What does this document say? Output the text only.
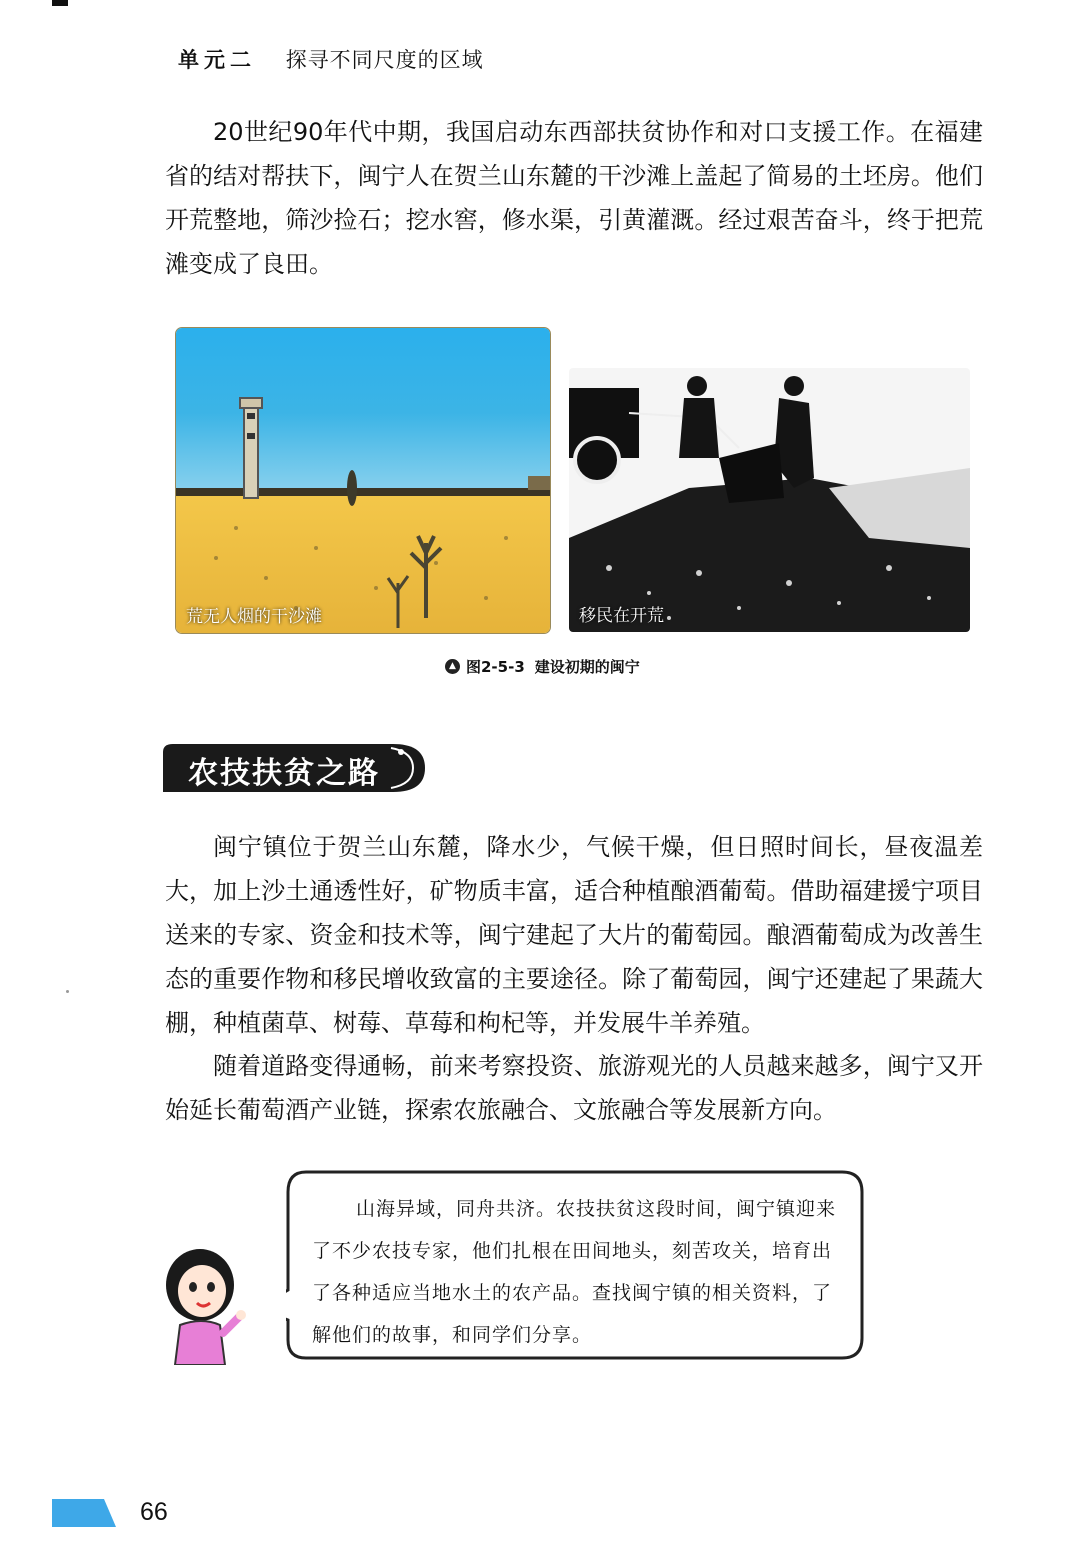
单元二 探寻不同尺度的区域

20世纪90年代中期，我国启动东西部扶贫协作和对口支援工作。在福建省的结对帮扶下，闽宁人在贺兰山东麓的干沙滩上盖起了简易的土坯房。他们开荒整地，筛沙捡石；挖水窖，修水渠，引黄灌溉。经过艰苦奋斗，终于把荒滩变成了良田。

荒无人烟的干沙滩	移民在开荒
▲ 图2-5-3 建设初期的闽宁
农技扶贫之路

闽宁镇位于贺兰山东麓，降水少，气候干燥，但日照时间长，昼夜温差大，加上沙土通透性好，矿物质丰富，适合种植酿酒葡萄。借助福建援宁项目送来的专家、资金和技术等，闽宁建起了大片的葡萄园。酿酒葡萄成为改善生态的重要作物和移民增收致富的主要途径。除了葡萄园，闽宁还建起了果蔬大棚，种植菌草、树莓、草莓和枸杞等，并发展牛羊养殖。

随着道路变得通畅，前来考察投资、旅游观光的人员越来越多，闽宁又开始延长葡萄酒产业链，探索农旅融合、文旅融合等发展新方向。

山海异域，同舟共济。农技扶贫这段时间，闽宁镇迎来了不少农技专家，他们扎根在田间地头，刻苦攻关，培育出了各种适应当地水土的农产品。查找闽宁镇的相关资料，了解他们的故事，和同学们分享。

66
